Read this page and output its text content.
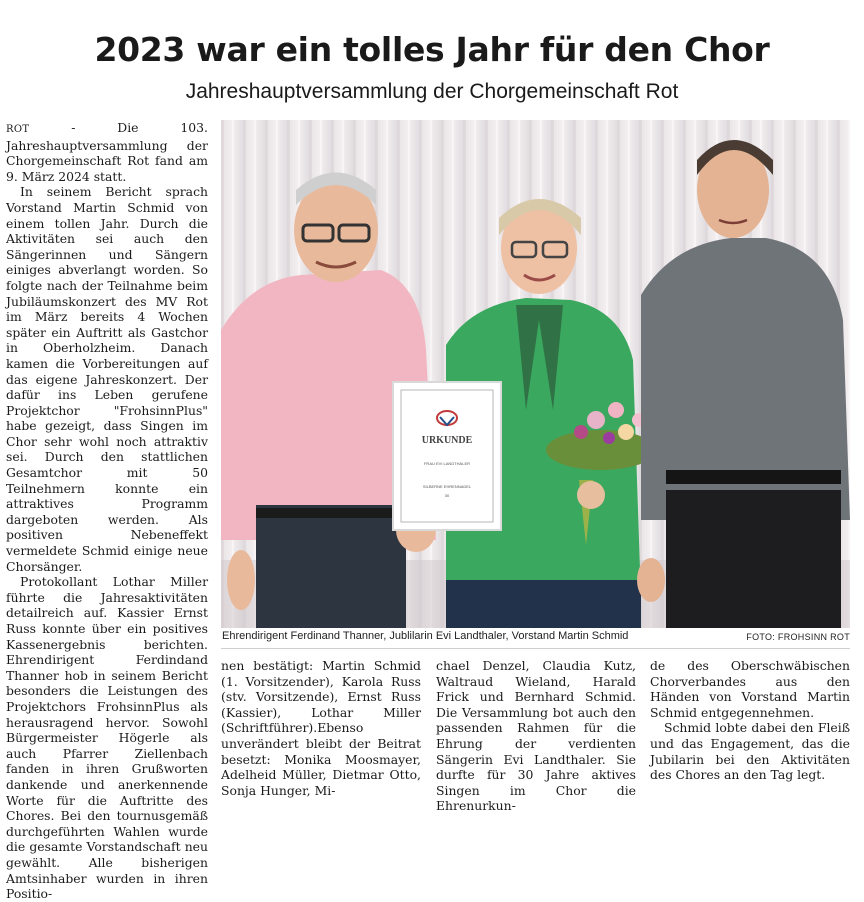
2023 war ein tolles Jahr für den Chor
Jahreshauptversammlung der Chorgemeinschaft Rot

ROT - Die 103. Jahreshauptversammlung der Chorgemeinschaft Rot fand am 9. März 2024 statt.

In seinem Bericht sprach Vorstand Martin Schmid von einem tollen Jahr. Durch die Aktivitäten sei auch den Sängerinnen und Sängern einiges abverlangt worden. So folgte nach der Teilnahme beim Jubiläumskonzert des MV Rot im März bereits 4 Wochen später ein Auftritt als Gastchor in Oberholzheim. Danach kamen die Vorbereitungen auf das eigene Jahreskonzert. Der dafür ins Leben gerufene Projektchor "FrohsinnPlus" habe gezeigt, dass Singen im Chor sehr wohl noch attraktiv sei. Durch den stattlichen Gesamtchor mit 50 Teilnehmern konnte ein attraktives Programm dargeboten werden. Als positiven Nebeneffekt vermeldete Schmid einige neue Chorsänger.

Protokollant Lothar Miller führte die Jahresaktivitäten detailreich auf. Kassier Ernst Russ konnte über ein positives Kassenergebnis berichten. Ehrendirigent Ferdindand Thanner hob in seinem Bericht besonders die Leistungen des Projektchors FrohsinnPlus als herausragend hervor. Sowohl Bürgermeister Högerle als auch Pfarrer Ziellenbach fanden in ihren Grußworten dankende und anerkennende Worte für die Auftritte des Chores. Bei den tournusgemäß durchgeführten Wahlen wurde die gesamte Vorstandschaft neu gewählt. Alle bisherigen Amtsinhaber wurden in ihren Positio-

URKUNDE
FRAU EVI LANDTHALER
SILBERNE EHRENNADEL
30
Ehrendirigent Ferdinand Thanner, Jublilarin Evi Landthaler, Vorstand Martin Schmid	FOTO: FROHSINN ROT

nen bestätigt: Martin Schmid (1. Vorsitzender), Karola Russ (stv. Vorsitzende), Ernst Russ (Kassier), Lothar Miller (Schriftführer).Ebenso unverändert bleibt der Beitrat besetzt: Monika Moosmayer, Adelheid Müller, Dietmar Otto, Sonja Hunger, Mi-

chael Denzel, Claudia Kutz, Waltraud Wieland, Harald Frick und Bernhard Schmid. Die Versammlung bot auch den passenden Rahmen für die Ehrung der verdienten Sängerin Evi Landthaler. Sie durfte für 30 Jahre aktives Singen im Chor die Ehrenurkun-

de des Oberschwäbischen Chorverbandes aus den Händen von Vorstand Martin Schmid entgegennehmen.

Schmid lobte dabei den Fleiß und das Engagement, das die Jubilarin bei den Aktivitäten des Chores an den Tag legt.
